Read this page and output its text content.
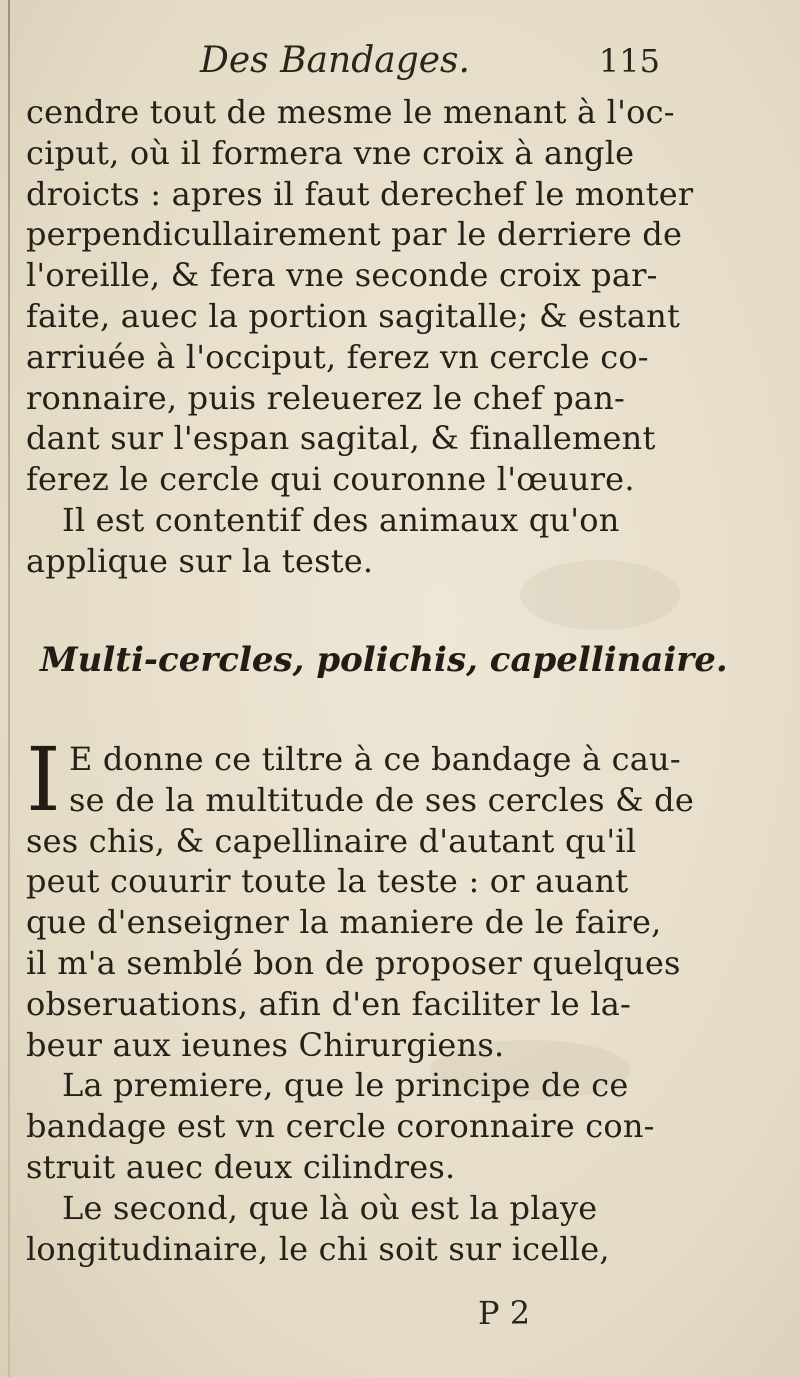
Des Bandages.	115
cendre tout de mesme le menant à l'oc-
ciput, où il formera vne croix à angle
droicts : apres il faut derechef le monter
perpendicullairement par le derriere de
l'oreille, & fera vne seconde croix par-
faite, auec la portion sagitalle; & estant
arriuée à l'occiput, ferez vn cercle co-
ronnaire, puis releuerez le chef pan-
dant sur l'espan sagital, & finallement
ferez le cercle qui couronne l'œuure.
Il est contentif des animaux qu'on
applique sur la teste.
Multi-cercles, polichis, capellinaire.
I E donne ce tiltre à ce bandage à cau-
se de la multitude de ses cercles & de
ses chis, & capellinaire d'autant qu'il
peut couurir toute la teste : or auant
que d'enseigner la maniere de le faire,
il m'a semblé bon de proposer quelques
obseruations, afin d'en faciliter le la-
beur aux ieunes Chirurgiens.
La premiere, que le principe de ce
bandage est vn cercle coronnaire con-
struit auec deux cilindres.
Le second, que là où est la playe
longitudinaire, le chi soit sur icelle,
P 2
